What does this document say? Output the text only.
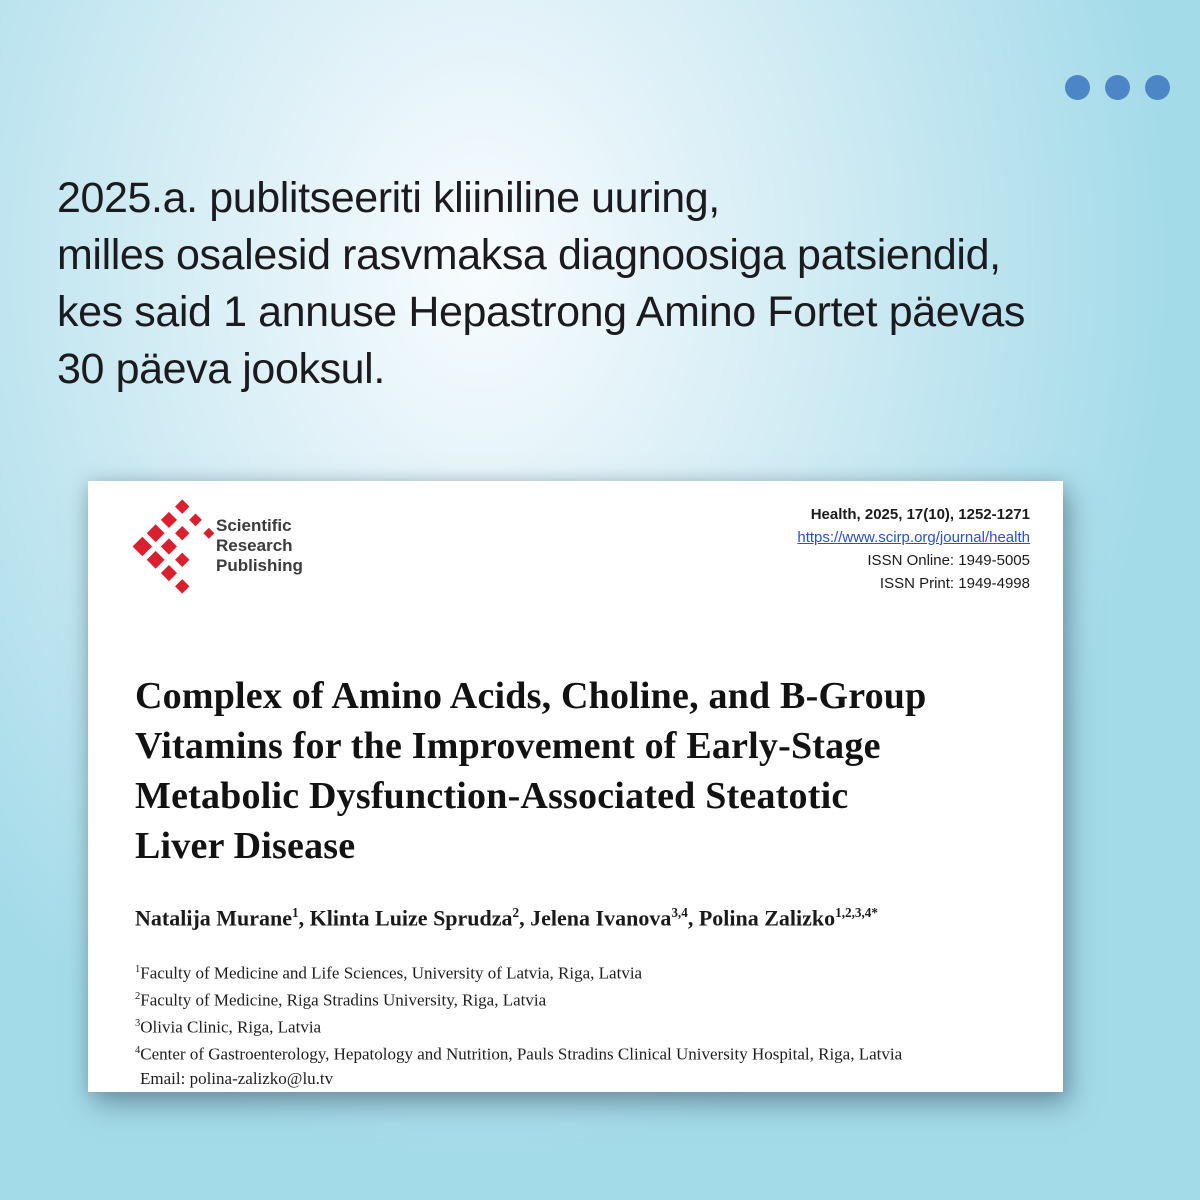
2025.a. publitseeriti kliiniline uuring,
milles osalesid rasvmaksa diagnoosiga patsiendid,
kes said 1 annuse Hepastrong Amino Fortet päevas
30 päeva jooksul.
Scientific
Research
Publishing
Health, 2025, 17(10), 1252-1271
https://www.scirp.org/journal/health
ISSN Online: 1949-5005
ISSN Print: 1949-4998
Complex of Amino Acids, Choline, and B-Group
Vitamins for the Improvement of Early-Stage
Metabolic Dysfunction-Associated Steatotic
Liver Disease
Natalija Murane$^1$, Klinta Luize Sprudza$^2$, Jelena Ivanova$^{3,4}$, Polina Zalizko$^{1,2,3,4*}$
$^1$Faculty of Medicine and Life Sciences, University of Latvia, Riga, Latvia
$^2$Faculty of Medicine, Riga Stradins University, Riga, Latvia
$^3$Olivia Clinic, Riga, Latvia
$^4$Center of Gastroenterology, Hepatology and Nutrition, Pauls Stradins Clinical University Hospital, Riga, Latvia
Email: polina-zalizko@lu.tv
